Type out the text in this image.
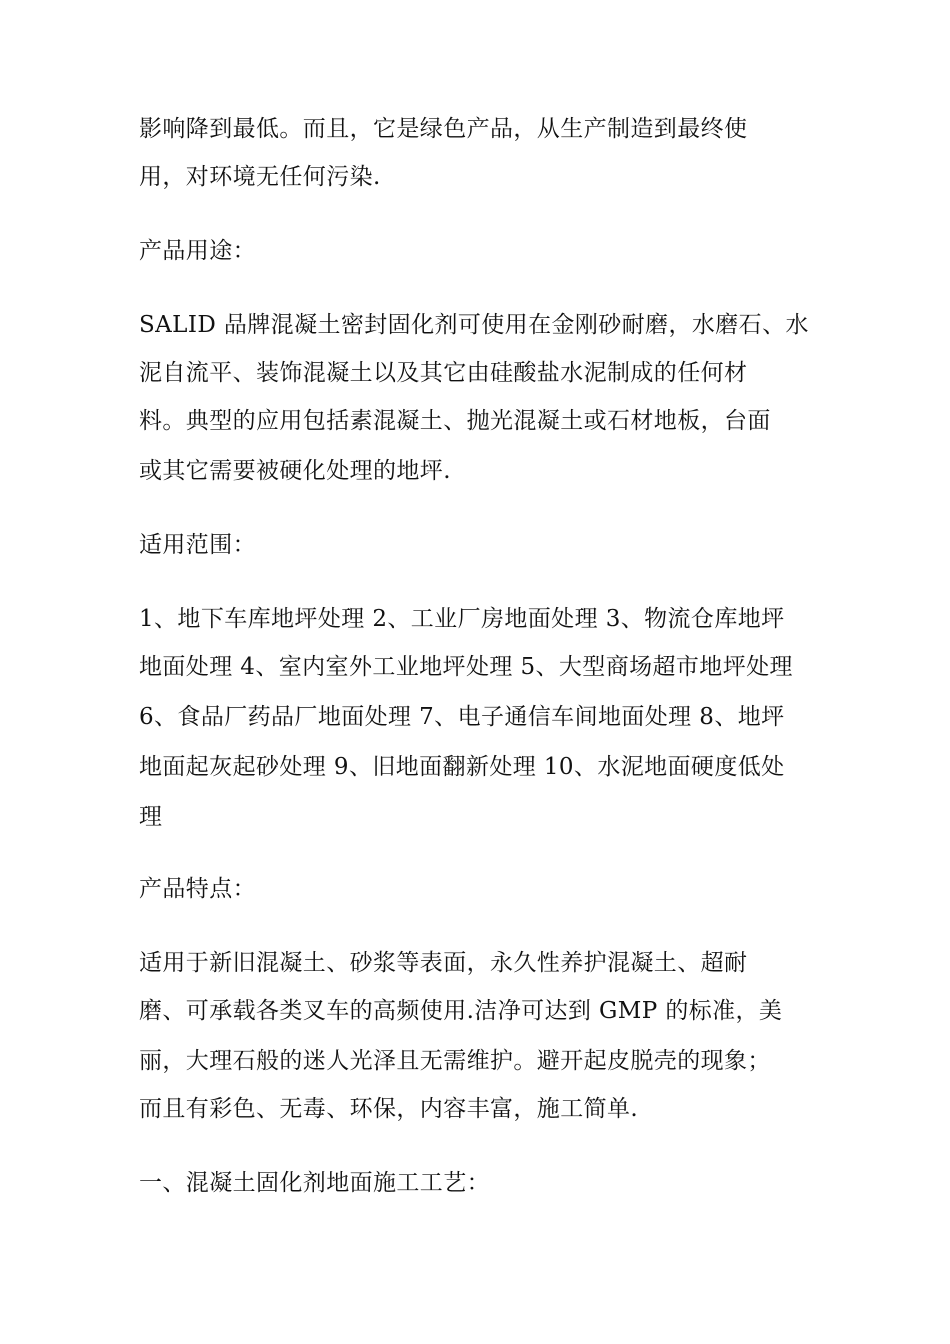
影响降到最低。而且，它是绿色产品，从生产制造到最终使
用，对环境无任何污染.
产品用途：
SALID 品牌混凝土密封固化剂可使用在金刚砂耐磨，水磨石、水
泥自流平、装饰混凝土以及其它由硅酸盐水泥制成的任何材
料。典型的应用包括素混凝土、抛光混凝土或石材地板，台面
或其它需要被硬化处理的地坪.
适用范围：
1、地下车库地坪处理 2、工业厂房地面处理 3、物流仓库地坪
地面处理 4、室内室外工业地坪处理 5、大型商场超市地坪处理
6、食品厂药品厂地面处理 7、电子通信车间地面处理 8、地坪
地面起灰起砂处理 9、旧地面翻新处理 10、水泥地面硬度低处
理
产品特点：
适用于新旧混凝土、砂浆等表面，永久性养护混凝土、超耐
磨、可承载各类叉车的高频使用.洁净可达到 GMP 的标准，美
丽，大理石般的迷人光泽且无需维护。避开起皮脱壳的现象；
而且有彩色、无毒、环保，内容丰富，施工简单.
一、混凝土固化剂地面施工工艺：
